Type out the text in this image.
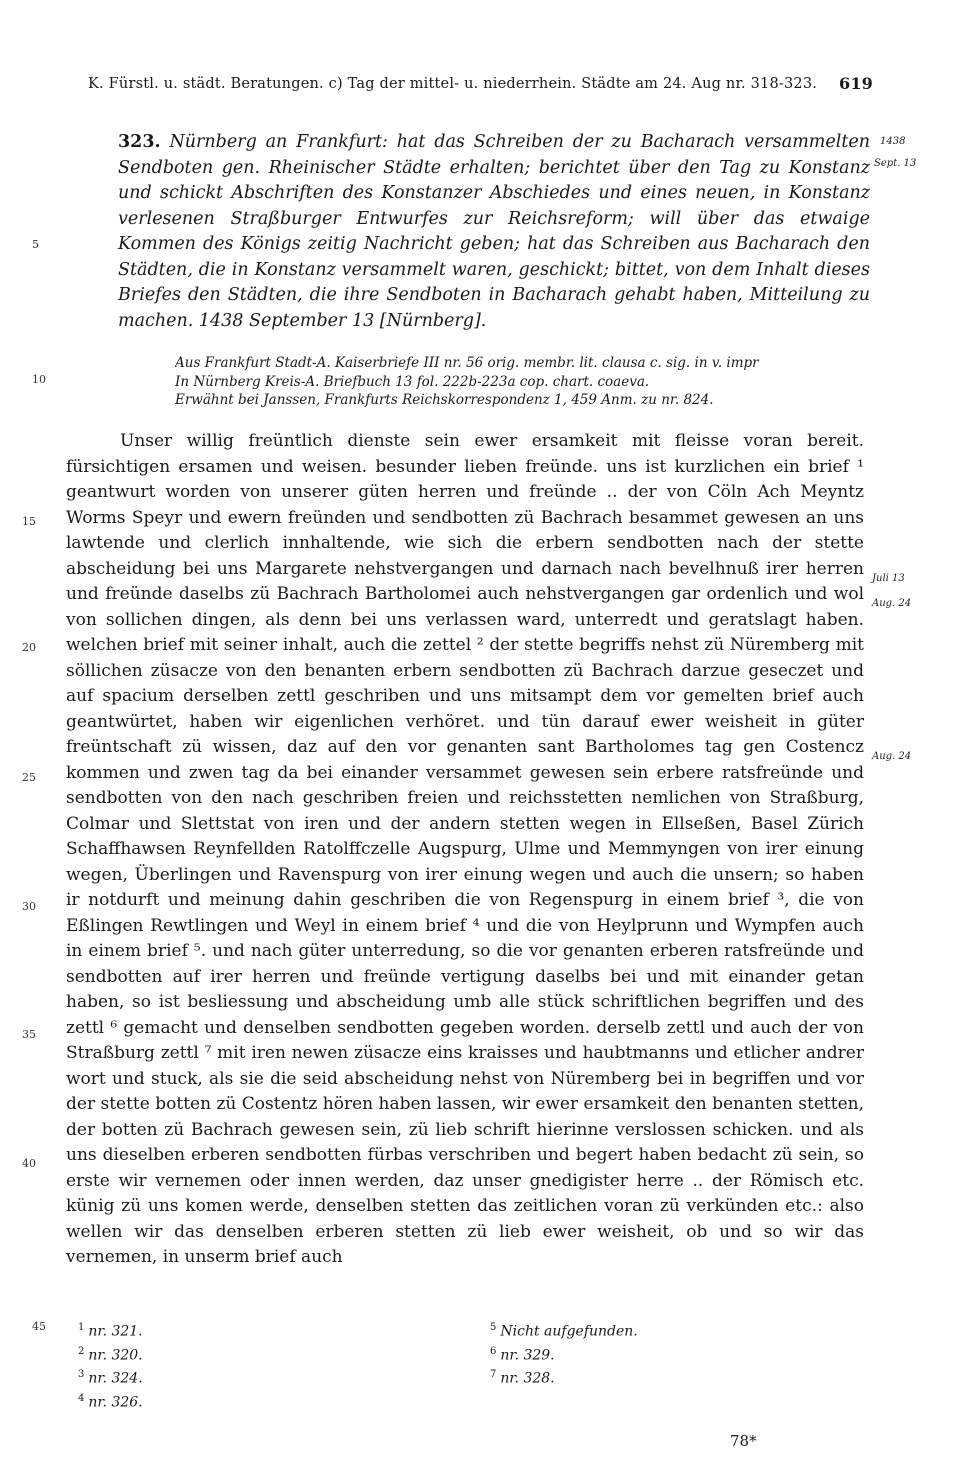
K. Fürstl. u. städt. Beratungen. c) Tag der mittel- u. niederrhein. Städte am 24. Aug nr. 318-323. 619
323. Nürnberg an Frankfurt: hat das Schreiben der zu Bacharach versammelten Sendboten gen. Rheinischer Städte erhalten; berichtet über den Tag zu Konstanz und schickt Abschriften des Konstanzer Abschiedes und eines neuen, in Konstanz verlesenen Straßburger Entwurfes zur Reichsreform; will über das etwaige Kommen des Königs zeitig Nachricht geben; hat das Schreiben aus Bacharach den Städten, die in Konstanz versammelt waren, geschickt; bittet, von dem Inhalt dieses Briefes den Städten, die ihre Sendboten in Bacharach gehabt haben, Mitteilung zu machen. 1438 September 13 [Nürnberg].
1438
Sept. 13
Aus Frankfurt Stadt-A. Kaiserbriefe III nr. 56 orig. membr. lit. clausa c. sig. in v. impr
In Nürnberg Kreis-A. Briefbuch 13 fol. 222b-223a cop. chart. coaeva.
Erwähnt bei Janssen, Frankfurts Reichskorrespondenz 1, 459 Anm. zu nr. 824.
5
10
15
20
25
30
35
40
45

Unser willig freüntlich dienste sein ewer ersamkeit mit fleisse voran bereit. fürsichtigen ersamen und weisen. besunder lieben freünde. uns ist kurzlichen ein brief ¹ geantwurt worden von unserer güten herren und freünde .. der von Cöln Ach Meyntz Worms Speyr und ewern freünden und sendbotten zü Bachrach besammet gewesen an uns lawtende und clerlich innhaltende, wie sich die erbern sendbotten nach der stette abscheidung bei uns Margarete nehstvergangen und darnach nach bevelhnuß irer herren und freünde daselbs zü Bachrach Bartholomei auch nehstvergangen gar ordenlich und wol von sollichen dingen, als denn bei uns verlassen ward, unterredt und geratslagt haben. welchen brief mit seiner inhalt, auch die zettel ² der stette begriffs nehst zü Nüremberg mit söllichen züsacze von den benanten erbern sendbotten zü Bachrach darzue geseczet und auf spacium derselben zettl geschriben und uns mitsampt dem vor gemelten brief auch geantwürtet, haben wir eigenlichen verhöret. und tün darauf ewer weisheit in güter freüntschaft zü wissen, daz auf den vor genanten sant Bartholomes tag gen Costencz kommen und zwen tag da bei einander versammet gewesen sein erbere ratsfreünde und sendbotten von den nach geschriben freien und reichsstetten nemlichen von Straßburg, Colmar und Slettstat von iren und der andern stetten wegen in Ellseßen, Basel Zürich Schaffhawsen Reynfellden Ratolffczelle Augspurg, Ulme und Memmyngen von irer einung wegen, Überlingen und Ravenspurg von irer einung wegen und auch die unsern; so haben ir notdurft und meinung dahin geschriben die von Regenspurg in einem brief ³, die von Eßlingen Rewtlingen und Weyl in einem brief ⁴ und die von Heylprunn und Wympfen auch in einem brief ⁵. und nach güter unterredung, so die vor genanten erberen ratsfreünde und sendbotten auf irer herren und freünde vertigung daselbs bei und mit einander getan haben, so ist besliessung und abscheidung umb alle stück schriftlichen begriffen und des zettl ⁶ gemacht und denselben sendbotten gegeben worden. derselb zettl und auch der von Straßburg zettl ⁷ mit iren newen züsacze eins kraisses und haubtmanns und etlicher andrer wort und stuck, als sie die seid abscheidung nehst von Nüremberg bei in begriffen und vor der stette botten zü Costentz hören haben lassen, wir ewer ersamkeit den benanten stetten, der botten zü Bachrach gewesen sein, zü lieb schrift hierinne verslossen schicken. und als uns dieselben erberen sendbotten fürbas verschriben und begert haben bedacht zü sein, so erste wir vernemen oder innen werden, daz unser gnedigister herre .. der Römisch etc. künig zü uns komen werde, denselben stetten das zeitlichen voran zü verkünden etc.: also wellen wir das denselben erberen stetten zü lieb ewer weisheit, ob und so wir das vernemen, in unserm brief auch

Juli 13
Aug. 24
Aug. 24
$^1$ nr. 321.
$^2$ nr. 320.
$^3$ nr. 324.
$^4$ nr. 326.
$^5$ Nicht aufgefunden.
$^6$ nr. 329.
$^7$ nr. 328.
78*
